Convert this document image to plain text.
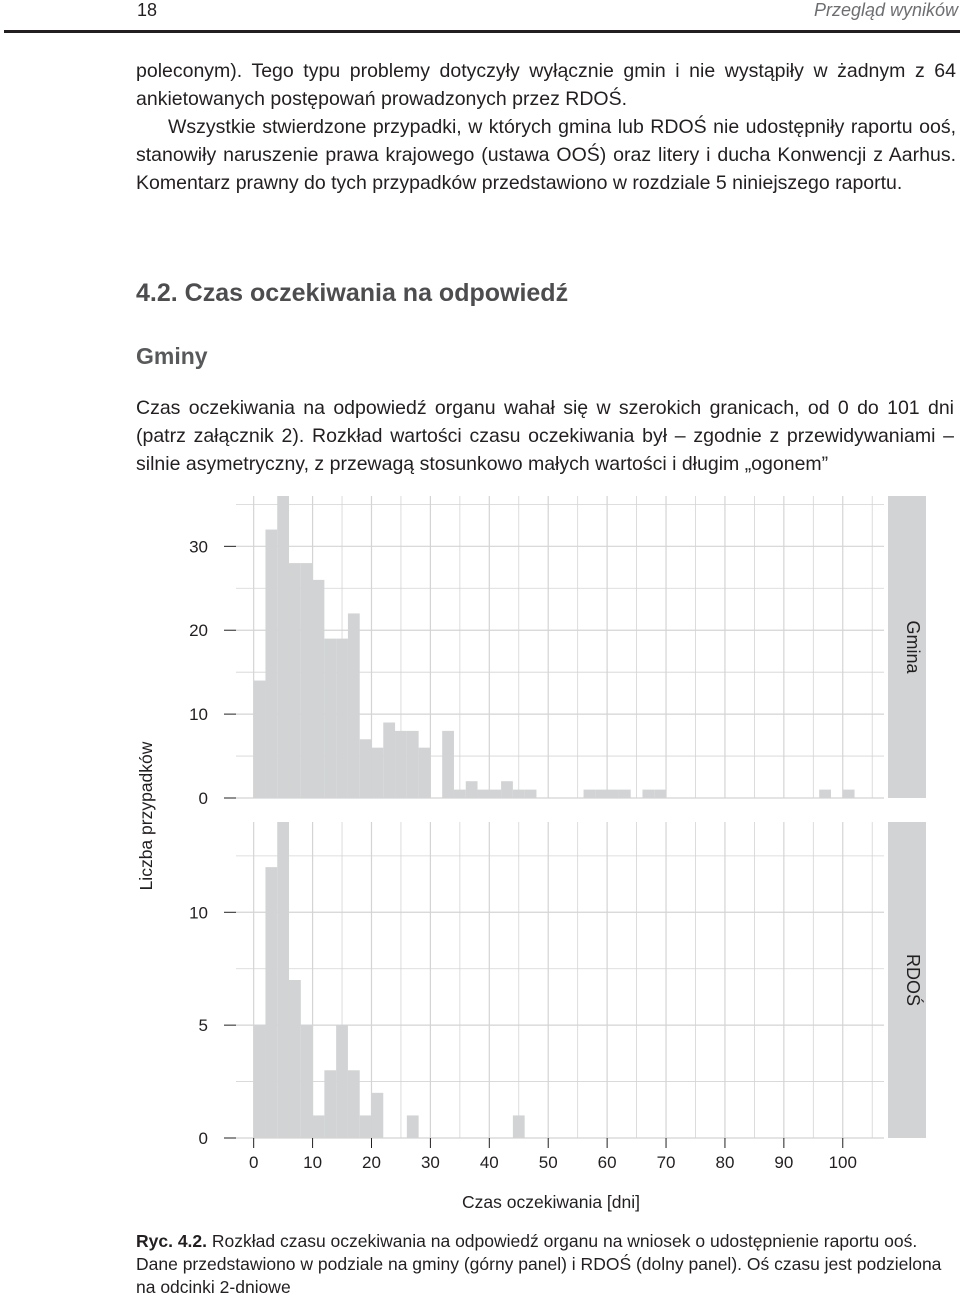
18	Przegląd wyników

poleconym). Tego typu problemy dotyczyły wyłącznie gmin i nie wystąpiły w żadnym z 64 ankietowanych postępowań prowadzonych przez RDOŚ.

Wszystkie stwierdzone przypadki, w których gmina lub RDOŚ nie udostępniły raportu ooś, stanowiły naruszenie prawa krajowego (ustawa OOŚ) oraz litery i ducha Konwencji z Aarhus. Komentarz prawny do tych przypadków przedstawiono w rozdziale 5 niniejszego raportu.

4.2. Czas oczekiwania na odpowiedź
Gminy
Czas oczekiwania na odpowiedź organu wahał się w szerokich granicach, od 0 do 101 dni (patrz załącznik 2). Rozkład wartości czasu oczekiwania był – zgodnie z przewidywaniami – silnie asymetryczny, z przewagą stosunkowo małych wartości i długim „ogonem”
0
10
20
30
Gmina
0
5
10
RDOŚ
0	10 20 30 40 50 60 70 80 90 100
Czas oczekiwania [dni]
Liczba przypadków
Ryc. 4.2. Rozkład czasu oczekiwania na odpowiedź organu na wniosek o udostępnienie raportu ooś. Dane przedstawiono w podziale na gminy (górny panel) i RDOŚ (dolny panel). Oś czasu jest podzielona na odcinki 2-dniowe
